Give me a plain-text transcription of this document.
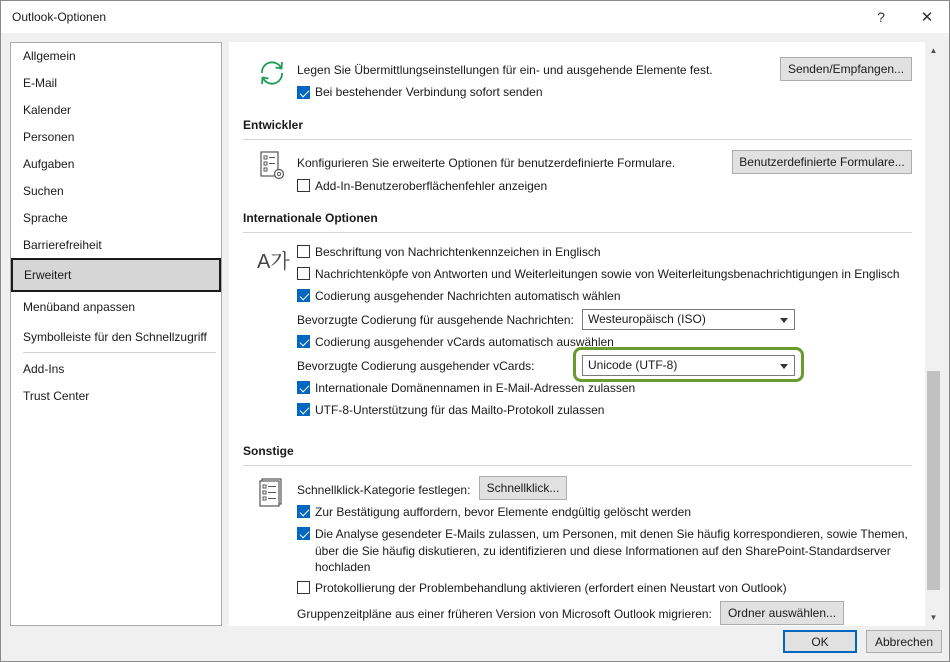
Outlook-Optionen	?	✕
Allgemein
E-Mail
Kalender
Personen
Aufgaben
Suchen
Sprache
Barrierefreiheit
Erweitert
Menüband anpassen
Symbolleiste für den Schnellzugriff
Add-Ins
Trust Center
Legen Sie Übermittlungseinstellungen für ein- und ausgehende Elemente fest.	Senden/Empfangen...
Bei bestehender Verbindung sofort senden
Entwickler
Konfigurieren Sie erweiterte Optionen für benutzerdefinierte Formulare.	Benutzerdefinierte Formulare...
Add-In-Benutzeroberflächenfehler anzeigen
Internationale Optionen
A가 Beschriftung von Nachrichtenkennzeichen in Englisch
Nachrichtenköpfe von Antworten und Weiterleitungen sowie von Weiterleitungsbenachrichtigungen in Englisch
Codierung ausgehender Nachrichten automatisch wählen
Bevorzugte Codierung für ausgehende Nachrichten:	Westeuropäisch (ISO)
Codierung ausgehender vCards automatisch auswählen
Bevorzugte Codierung ausgehender vCards:	Unicode (UTF-8)
Internationale Domänennamen in E-Mail-Adressen zulassen
UTF-8-Unterstützung für das Mailto-Protokoll zulassen
Sonstige
Schnellklick-Kategorie festlegen:	Schnellklick...
Zur Bestätigung auffordern, bevor Elemente endgültig gelöscht werden
Die Analyse gesendeter E-Mails zulassen, um Personen, mit denen Sie häufig korrespondieren, sowie Themen,
über die Sie häufig diskutieren, zu identifizieren und diese Informationen auf den SharePoint-Standardserver
hochladen
Protokollierung der Problembehandlung aktivieren (erfordert einen Neustart von Outlook)
Gruppenzeitpläne aus einer früheren Version von Microsoft Outlook migrieren:	Ordner auswählen...
▲
▼
OK	Abbrechen
